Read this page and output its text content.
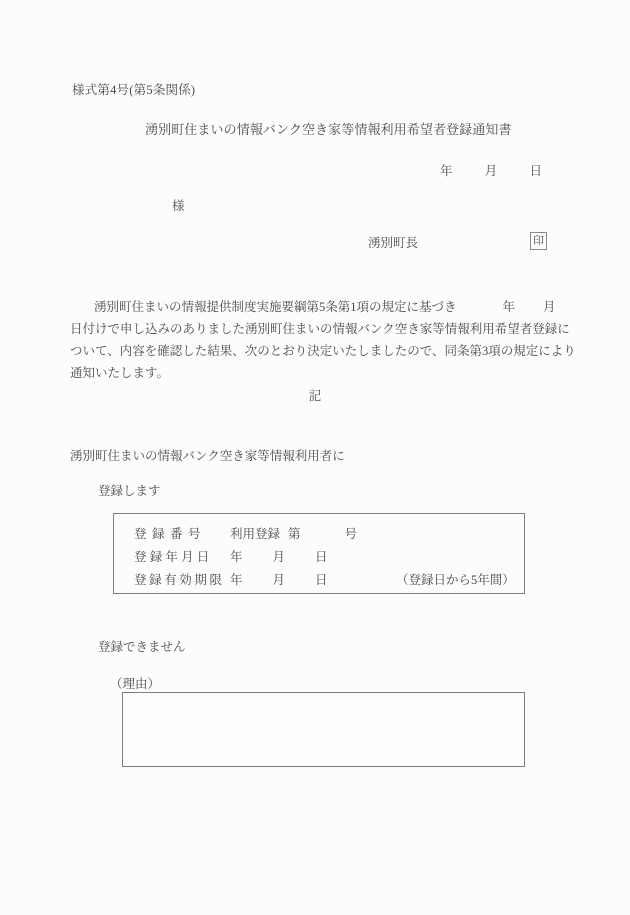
様式第4号(第5条関係)
湧別町住まいの情報バンク空き家等情報利用希望者登録通知書
年	月	日
様
湧別町長	印

湧別町住まいの情報提供制度実施要綱第5条第1項の規定に基づき	年 月

日付けで申し込みのありました湧別町住まいの情報バンク空き家等情報利用希望者登録に

ついて、内容を確認した結果、次のとおり決定いたしましたので、同条第3項の規定により

通知いたします。

記
湧別町住まいの情報バンク空き家等情報利用者に
登録します
登録番号	利用登録 第	号
登録年月日	年 月 日
登録有効期限 年 月 日	（登録日から5年間）
登録できません
（理由）
